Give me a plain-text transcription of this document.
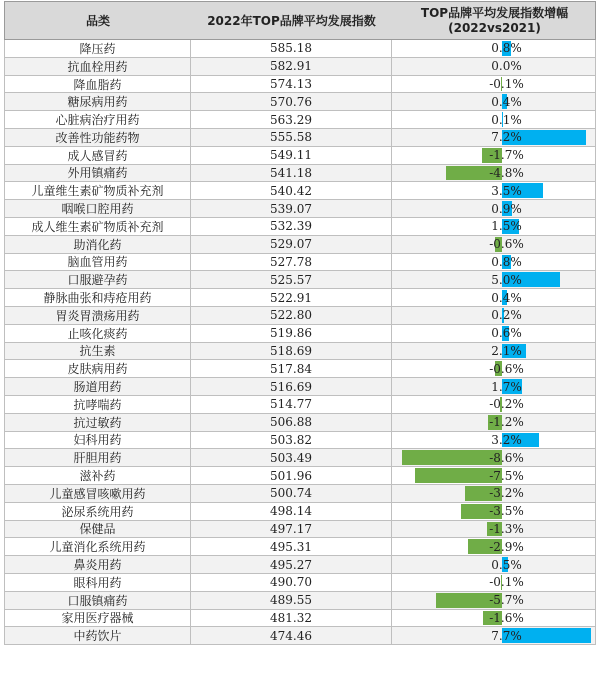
品类	2022年TOP品牌平均发展指数
TOP品牌平均发展指数增幅
(2022vs2021)
降压药	585.18	0.8%
抗血栓用药	582.91	0.0%
降血脂药	574.13	-0.1%
糖尿病用药	570.76	0.4%
心脏病治疗用药	563.29	0.1%
改善性功能药物	555.58	7.2%
成人感冒药	549.11	-1.7%
外用镇痛药	541.18	-4.8%
儿童维生素矿物质补充剂	540.42	3.5%
咽喉口腔用药	539.07	0.9%
成人维生素矿物质补充剂	532.39	1.5%
助消化药	529.07	-0.6%
脑血管用药	527.78	0.8%
口服避孕药	525.57	5.0%
静脉曲张和痔疮用药	522.91	0.4%
胃炎胃溃疡用药	522.80	0.2%
止咳化痰药	519.86	0.6%
抗生素	518.69	2.1%
皮肤病用药	517.84	-0.6%
肠道用药	516.69	1.7%
抗哮喘药	514.77	-0.2%
抗过敏药	506.88	-1.2%
妇科用药	503.82	3.2%
肝胆用药	503.49	-8.6%
滋补药	501.96	-7.5%
儿童感冒咳嗽用药	500.74	-3.2%
泌尿系统用药	498.14	-3.5%
保健品	497.17	-1.3%
儿童消化系统用药	495.31	-2.9%
鼻炎用药	495.27	0.5%
眼科用药	490.70	-0.1%
口服镇痛药	489.55	-5.7%
家用医疗器械	481.32	-1.6%
中药饮片	474.46	7.7%
